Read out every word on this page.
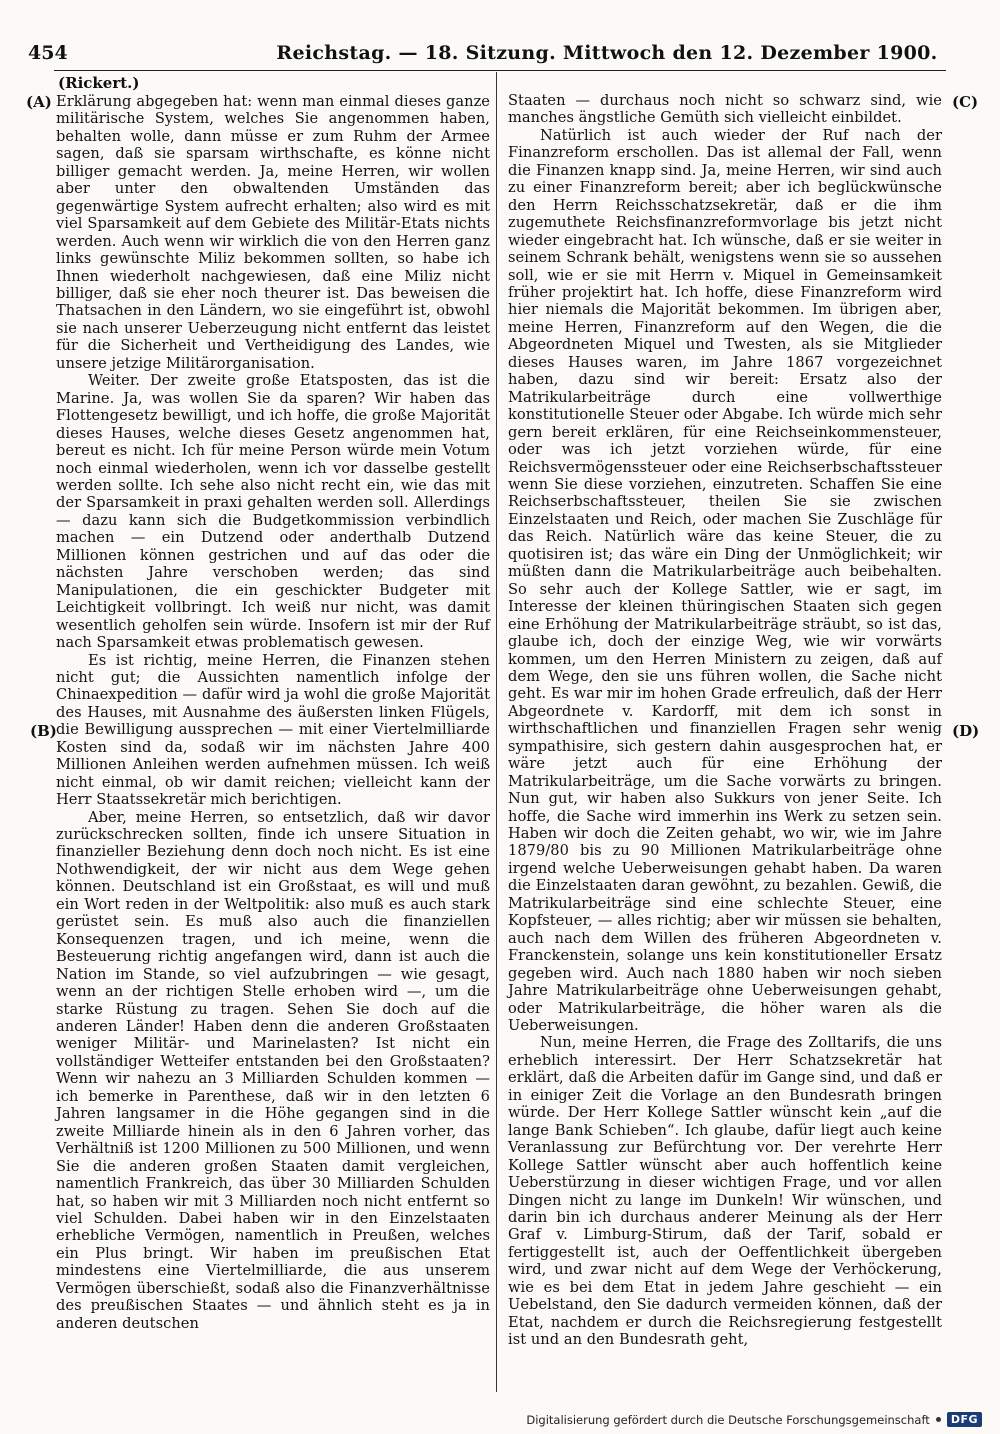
454	Reichstag. — 18. Sitzung. Mittwoch den 12. Dezember 1900.
(A)
(B)
(C)
(D)
(Rickert.)

Erklärung abgegeben hat: wenn man einmal dieses ganze militärische System, welches Sie angenommen haben, behalten wolle, dann müsse er zum Ruhm der Armee sagen, daß sie sparsam wirthschafte, es könne nicht billiger gemacht werden. Ja, meine Herren, wir wollen aber unter den obwaltenden Umständen das gegenwärtige System aufrecht erhalten; also wird es mit viel Sparsamkeit auf dem Gebiete des Militär-Etats nichts werden. Auch wenn wir wirklich die von den Herren ganz links gewünschte Miliz bekommen sollten, so habe ich Ihnen wiederholt nachgewiesen, daß eine Miliz nicht billiger, daß sie eher noch theurer ist. Das beweisen die Thatsachen in den Ländern, wo sie eingeführt ist, obwohl sie nach unserer Ueberzeugung nicht entfernt das leistet für die Sicherheit und Vertheidigung des Landes, wie unsere jetzige Militärorganisation.

Weiter. Der zweite große Etatsposten, das ist die Marine. Ja, was wollen Sie da sparen? Wir haben das Flottengesetz bewilligt, und ich hoffe, die große Majorität dieses Hauses, welche dieses Gesetz angenommen hat, bereut es nicht. Ich für meine Person würde mein Votum noch einmal wiederholen, wenn ich vor dasselbe gestellt werden sollte. Ich sehe also nicht recht ein, wie das mit der Sparsamkeit in praxi gehalten werden soll. Allerdings — dazu kann sich die Budgetkommission verbindlich machen — ein Dutzend oder anderthalb Dutzend Millionen können gestrichen und auf das oder die nächsten Jahre verschoben werden; das sind Manipulationen, die ein geschickter Budgeter mit Leichtigkeit vollbringt. Ich weiß nur nicht, was damit wesentlich geholfen sein würde. Insofern ist mir der Ruf nach Sparsamkeit etwas problematisch gewesen.

Es ist richtig, meine Herren, die Finanzen stehen nicht gut; die Aussichten namentlich infolge der Chinaexpedition — dafür wird ja wohl die große Majorität des Hauses, mit Ausnahme des äußersten linken Flügels, die Bewilligung aussprechen — mit einer Viertelmilliarde Kosten sind da, sodaß wir im nächsten Jahre 400 Millionen Anleihen werden aufnehmen müssen. Ich weiß nicht einmal, ob wir damit reichen; vielleicht kann der Herr Staatssekretär mich berichtigen.

Aber, meine Herren, so entsetzlich, daß wir davor zurückschrecken sollten, finde ich unsere Situation in finanzieller Beziehung denn doch noch nicht. Es ist eine Nothwendigkeit, der wir nicht aus dem Wege gehen können. Deutschland ist ein Großstaat, es will und muß ein Wort reden in der Weltpolitik: also muß es auch stark gerüstet sein. Es muß also auch die finanziellen Konsequenzen tragen, und ich meine, wenn die Besteuerung richtig angefangen wird, dann ist auch die Nation im Stande, so viel aufzubringen — wie gesagt, wenn an der richtigen Stelle erhoben wird —, um die starke Rüstung zu tragen. Sehen Sie doch auf die anderen Länder! Haben denn die anderen Großstaaten weniger Militär- und Marinelasten? Ist nicht ein vollständiger Wetteifer entstanden bei den Großstaaten? Wenn wir nahezu an 3 Milliarden Schulden kommen — ich bemerke in Parenthese, daß wir in den letzten 6 Jahren langsamer in die Höhe gegangen sind in die zweite Milliarde hinein als in den 6 Jahren vorher, das Verhältniß ist 1200 Millionen zu 500 Millionen, und wenn Sie die anderen großen Staaten damit vergleichen, namentlich Frankreich, das über 30 Milliarden Schulden hat, so haben wir mit 3 Milliarden noch nicht entfernt so viel Schulden. Dabei haben wir in den Einzelstaaten erhebliche Vermögen, namentlich in Preußen, welches ein Plus bringt. Wir haben im preußischen Etat mindestens eine Viertelmilliarde, die aus unserem Vermögen überschießt, sodaß also die Finanzverhältnisse des preußischen Staates — und ähnlich steht es ja in anderen deutschen

Staaten — durchaus noch nicht so schwarz sind, wie manches ängstliche Gemüth sich vielleicht einbildet.

Natürlich ist auch wieder der Ruf nach der Finanzreform erschollen. Das ist allemal der Fall, wenn die Finanzen knapp sind. Ja, meine Herren, wir sind auch zu einer Finanzreform bereit; aber ich beglückwünsche den Herrn Reichsschatzsekretär, daß er die ihm zugemuthete Reichsfinanzreformvorlage bis jetzt nicht wieder eingebracht hat. Ich wünsche, daß er sie weiter in seinem Schrank behält, wenigstens wenn sie so aussehen soll, wie er sie mit Herrn v. Miquel in Gemeinsamkeit früher projektirt hat. Ich hoffe, diese Finanzreform wird hier niemals die Majorität bekommen. Im übrigen aber, meine Herren, Finanzreform auf den Wegen, die die Abgeordneten Miquel und Twesten, als sie Mitglieder dieses Hauses waren, im Jahre 1867 vorgezeichnet haben, dazu sind wir bereit: Ersatz also der Matrikularbeiträge durch eine vollwerthige konstitutionelle Steuer oder Abgabe. Ich würde mich sehr gern bereit erklären, für eine Reichseinkommensteuer, oder was ich jetzt vorziehen würde, für eine Reichsvermögenssteuer oder eine Reichserbschaftssteuer wenn Sie diese vorziehen, einzutreten. Schaffen Sie eine Reichserbschaftssteuer, theilen Sie sie zwischen Einzelstaaten und Reich, oder machen Sie Zuschläge für das Reich. Natürlich wäre das keine Steuer, die zu quotisiren ist; das wäre ein Ding der Unmöglichkeit; wir müßten dann die Matrikularbeiträge auch beibehalten. So sehr auch der Kollege Sattler, wie er sagt, im Interesse der kleinen thüringischen Staaten sich gegen eine Erhöhung der Matrikularbeiträge sträubt, so ist das, glaube ich, doch der einzige Weg, wie wir vorwärts kommen, um den Herren Ministern zu zeigen, daß auf dem Wege, den sie uns führen wollen, die Sache nicht geht. Es war mir im hohen Grade erfreulich, daß der Herr Abgeordnete v. Kardorff, mit dem ich sonst in wirthschaftlichen und finanziellen Fragen sehr wenig sympathisire, sich gestern dahin ausgesprochen hat, er wäre jetzt auch für eine Erhöhung der Matrikularbeiträge, um die Sache vorwärts zu bringen. Nun gut, wir haben also Sukkurs von jener Seite. Ich hoffe, die Sache wird immerhin ins Werk zu setzen sein. Haben wir doch die Zeiten gehabt, wo wir, wie im Jahre 1879/80 bis zu 90 Millionen Matrikularbeiträge ohne irgend welche Ueberweisungen gehabt haben. Da waren die Einzelstaaten daran gewöhnt, zu bezahlen. Gewiß, die Matrikularbeiträge sind eine schlechte Steuer, eine Kopfsteuer, — alles richtig; aber wir müssen sie behalten, auch nach dem Willen des früheren Abgeordneten v. Franckenstein, solange uns kein konstitutioneller Ersatz gegeben wird. Auch nach 1880 haben wir noch sieben Jahre Matrikularbeiträge ohne Ueberweisungen gehabt, oder Matrikularbeiträge, die höher waren als die Ueberweisungen.

Nun, meine Herren, die Frage des Zolltarifs, die uns erheblich interessirt. Der Herr Schatzsekretär hat erklärt, daß die Arbeiten dafür im Gange sind, und daß er in einiger Zeit die Vorlage an den Bundesrath bringen würde. Der Herr Kollege Sattler wünscht kein „auf die lange Bank Schieben“. Ich glaube, dafür liegt auch keine Veranlassung zur Befürchtung vor. Der verehrte Herr Kollege Sattler wünscht aber auch hoffentlich keine Ueberstürzung in dieser wichtigen Frage, und vor allen Dingen nicht zu lange im Dunkeln! Wir wünschen, und darin bin ich durchaus anderer Meinung als der Herr Graf v. Limburg-Stirum, daß der Tarif, sobald er fertiggestellt ist, auch der Oeffentlichkeit übergeben wird, und zwar nicht auf dem Wege der Verhöckerung, wie es bei dem Etat in jedem Jahre geschieht — ein Uebelstand, den Sie dadurch vermeiden können, daß der Etat, nachdem er durch die Reichsregierung festgestellt ist und an den Bundesrath geht,

Digitalisierung gefördert durch die Deutsche Forschungsgemeinschaft	DFG
